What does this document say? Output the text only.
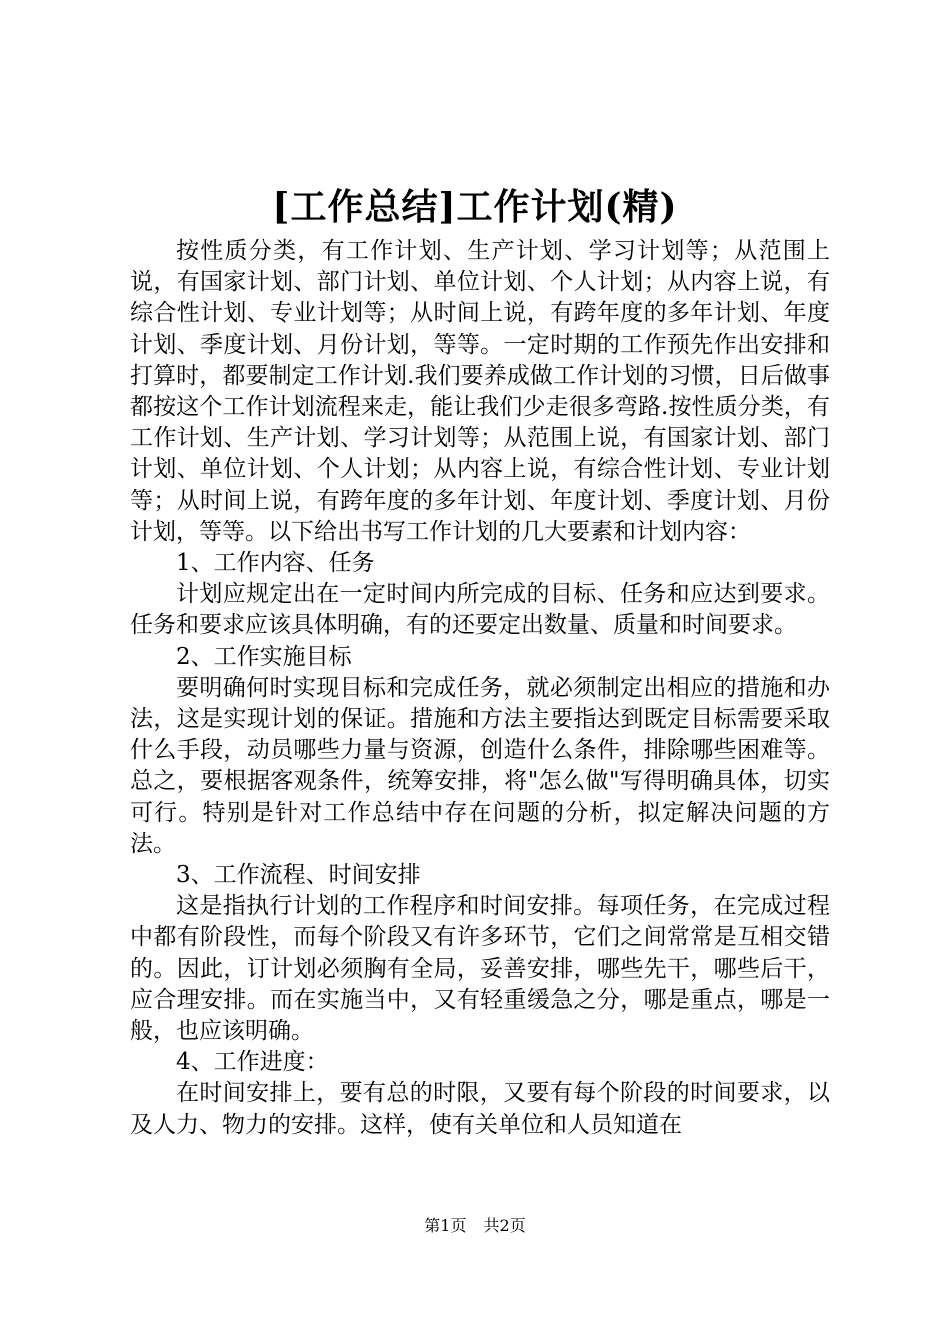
[工作总结]工作计划(精)

按性质分类，有工作计划、生产计划、学习计划等；从范围上说，有国家计划、部门计划、单位计划、个人计划；从内容上说，有综合性计划、专业计划等；从时间上说，有跨年度的多年计划、年度计划、季度计划、月份计划，等等。一定时期的工作预先作出安排和打算时，都要制定工作计划.我们要养成做工作计划的习惯，日后做事都按这个工作计划流程来走，能让我们少走很多弯路.按性质分类，有工作计划、生产计划、学习计划等；从范围上说，有国家计划、部门计划、单位计划、个人计划；从内容上说，有综合性计划、专业计划等；从时间上说，有跨年度的多年计划、年度计划、季度计划、月份计划，等等。以下给出书写工作计划的几大要素和计划内容：

1、工作内容、任务

计划应规定出在一定时间内所完成的目标、任务和应达到要求。任务和要求应该具体明确，有的还要定出数量、质量和时间要求。

2、工作实施目标

要明确何时实现目标和完成任务，就必须制定出相应的措施和办法，这是实现计划的保证。措施和方法主要指达到既定目标需要采取什么手段，动员哪些力量与资源，创造什么条件，排除哪些困难等。总之，要根据客观条件，统筹安排，将"怎么做"写得明确具体，切实可行。特别是针对工作总结中存在问题的分析，拟定解决问题的方法。

3、工作流程、时间安排

这是指执行计划的工作程序和时间安排。每项任务，在完成过程中都有阶段性，而每个阶段又有许多环节，它们之间常常是互相交错的。因此，订计划必须胸有全局，妥善安排，哪些先干，哪些后干，应合理安排。而在实施当中，又有轻重缓急之分，哪是重点，哪是一般，也应该明确。

4、工作进度：

在时间安排上，要有总的时限，又要有每个阶段的时间要求，以及人力、物力的安排。这样，使有关单位和人员知道在

第1页 共2页
